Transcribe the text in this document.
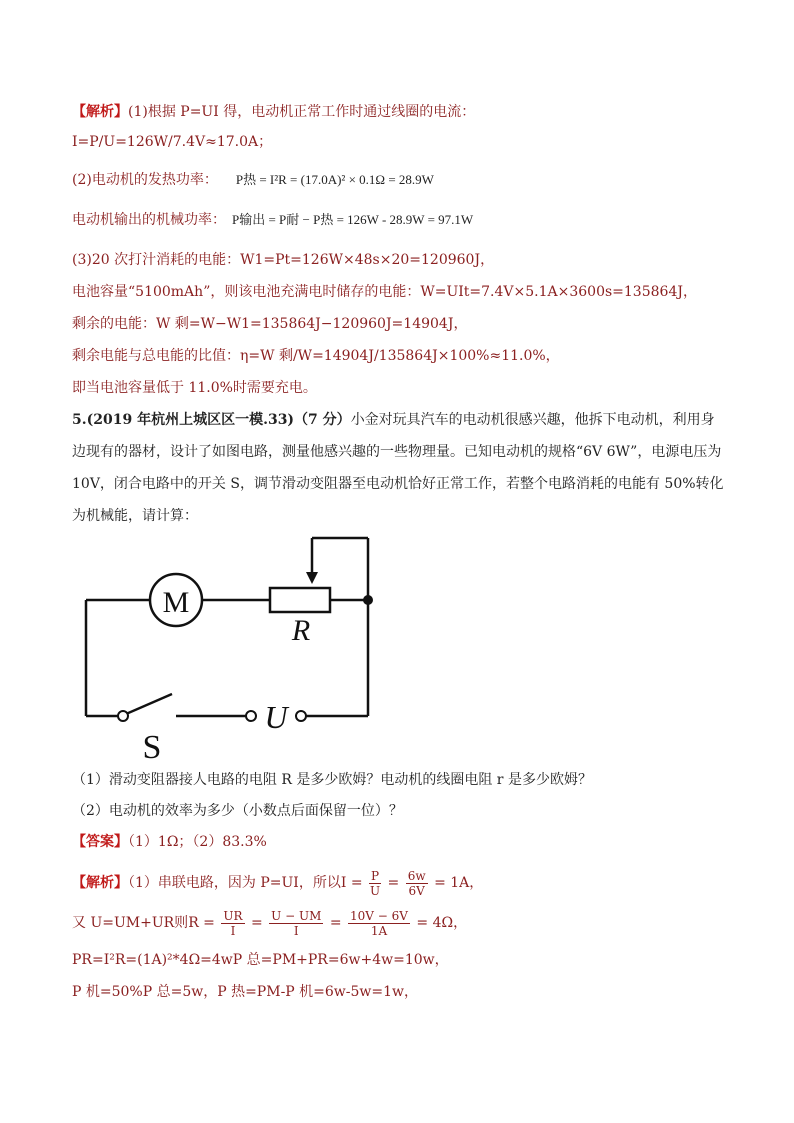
【解析】(1)根据 P=UI 得，电动机正常工作时通过线圈的电流：
I=P/U=126W/7.4V≈17.0A；
(2)电动机的发热功率： P热 = I²R = (17.0A)² × 0.1Ω = 28.9W
电动机输出的机械功率： P输出 = P耐 − P热 = 126W - 28.9W = 97.1W
(3)20 次打汁消耗的电能：W1=Pt=126W×48s×20=120960J，
电池容量“5100mAh”，则该电池充满电时储存的电能：W=UIt=7.4V×5.1A×3600s=135864J，
剩余的电能：W 剩=W−W1=135864J−120960J=14904J，
剩余电能与总电能的比值：η=W 剩/W=14904J/135864J×100%≈11.0%，
即当电池容量低于 11.0%时需要充电。
5.(2019 年杭州上城区区一模.33)（7 分）小金对玩具汽车的电动机很感兴趣，他拆下电动机，利用身边现有的器材，设计了如图电路，测量他感兴趣的一些物理量。已知电动机的规格“6V 6W”，电源电压为 10V，闭合电路中的开关 S，调节滑动变阻器至电动机恰好正常工作，若整个电路消耗的电能有 50%转化为机械能，请计算：
M
R
S
U
（1）滑动变阻器接人电路的电阻 R 是多少欧姆？电动机的线圈电阻 r 是多少欧姆？
（2）电动机的效率为多少（小数点后面保留一位）？
【答案】（1）1Ω；（2）83.3%
【解析】（1）串联电路，因为 P=UI，所以$I = \frac{P}{U} = \frac{6w}{6V} = 1A$，
又 U=UM+UR则$R = \frac{UR}{I} = \frac{U - UM}{I} = \frac{10V - 6V}{1A} = 4\Omega$，
PR=I²R=(1A)²*4Ω=4wP 总=PM+PR=6w+4w=10w，
P 机=50%P 总=5w，P 热=PM-P 机=6w-5w=1w，
